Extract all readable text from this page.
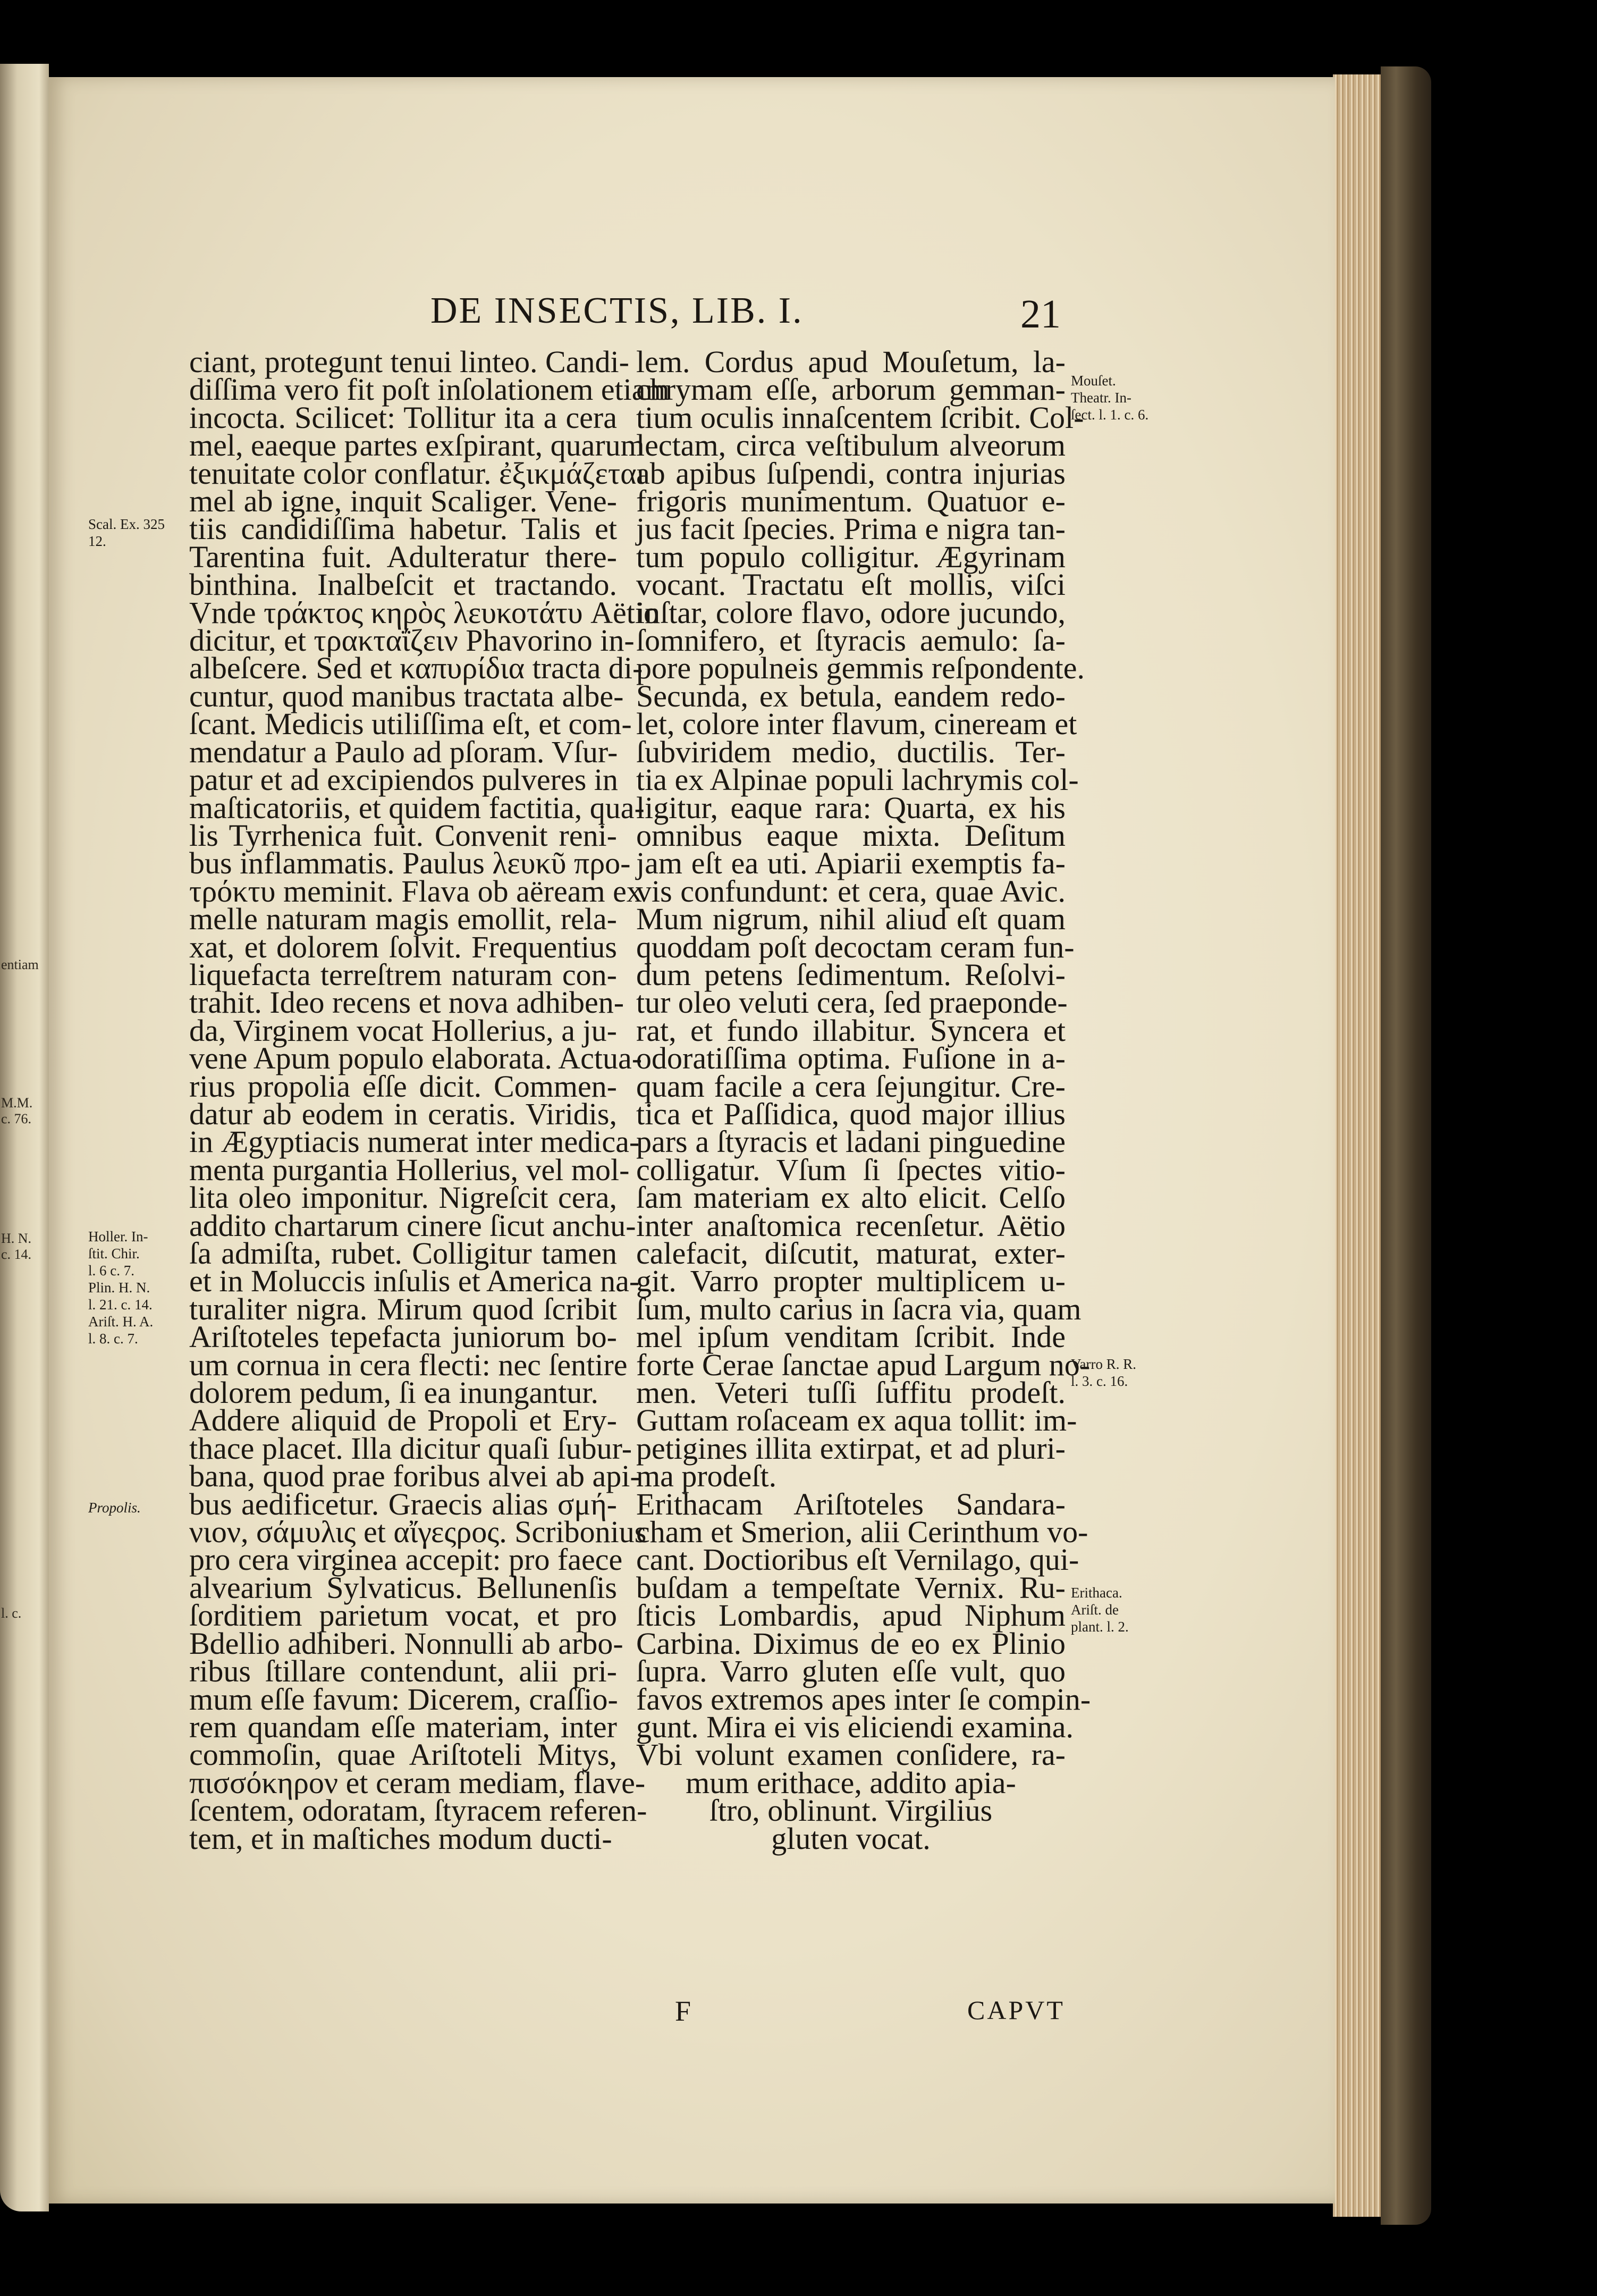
entiam
M.M.
c. 76.
H. N.
c. 14.
l. c.
DE INSECTIS, LIB. I.	21

ciant, protegunt tenui linteo. Candi-

diſſima vero fit poſt inſolationem etiam

incocta. Scilicet: Tollitur ita a cera

mel, eaeque partes exſpirant, quarum

tenuitate color conflatur. ἐξικμάζεται

mel ab igne, inquit Scaliger. Vene-

tiis candidiſſima habetur. Talis et

Tarentina fuit. Adulteratur there-

binthina. Inalbeſcit et tractando.

Vnde τράκτος κηρὸς λευκοτάτυ Aëtio

dicitur, et τρακταΐζειν Phavorino in-

albeſcere. Sed et καπυρίδια tracta di-

cuntur, quod manibus tractata albe-

ſcant. Medicis utiliſſima eſt, et com-

mendatur a Paulo ad pſoram. Vſur-

patur et ad excipiendos pulveres in

maſticatoriis, et quidem factitia, qua-

lis Tyrrhenica fuit. Convenit reni-

bus inflammatis. Paulus λευκῦ προ-

τρόκτυ meminit. Flava ob aëream ex

melle naturam magis emollit, rela-

xat, et dolorem ſolvit. Frequentius

liquefacta terreſtrem naturam con-

trahit. Ideo recens et nova adhiben-

da, Virginem vocat Hollerius, a ju-

vene Apum populo elaborata. Actua-

rius propolia eſſe dicit. Commen-

datur ab eodem in ceratis. Viridis,

in Ægyptiacis numerat inter medica-

menta purgantia Hollerius, vel mol-

lita oleo imponitur. Nigreſcit cera,

addito chartarum cinere ſicut anchu-

ſa admiſta, rubet. Colligitur tamen

et in Moluccis inſulis et America na-

turaliter nigra. Mirum quod ſcribit

Ariſtoteles tepefacta juniorum bo-

um cornua in cera flecti: nec ſentire

dolorem pedum, ſi ea inungantur.

Addere aliquid de Propoli et Ery-

thace placet. Illa dicitur quaſi ſubur-

bana, quod prae foribus alvei ab api-

bus aedificetur. Graecis alias σμή-

νιον, σάμυλις et αἴγεςρος. Scribonius

pro cera virginea accepit: pro faece

alvearium Sylvaticus. Bellunenſis

ſorditiem parietum vocat, et pro

Bdellio adhiberi. Nonnulli ab arbo-

ribus ſtillare contendunt, alii pri-

mum eſſe favum: Dicerem, craſſio-

rem quandam eſſe materiam, inter

commoſin, quae Ariſtoteli Mitys,

πισσόκηρον et ceram mediam, flave-

ſcentem, odoratam, ſtyracem referen-

tem, et in maſtiches modum ducti-

lem. Cordus apud Mouſetum, la-

chrymam eſſe, arborum gemman-

tium oculis innaſcentem ſcribit. Col-

lectam, circa veſtibulum alveorum

ab apibus ſuſpendi, contra injurias

frigoris munimentum. Quatuor e-

jus facit ſpecies. Prima e nigra tan-

tum populo colligitur. Ægyrinam

vocant. Tractatu eſt mollis, viſci

inſtar, colore flavo, odore jucundo,

ſomnifero, et ſtyracis aemulo: ſa-

pore populneis gemmis reſpondente.

Secunda, ex betula, eandem redo-

let, colore inter flavum, cineream et

ſubviridem medio, ductilis. Ter-

tia ex Alpinae populi lachrymis col-

ligitur, eaque rara: Quarta, ex his

omnibus eaque mixta. Deſitum

jam eſt ea uti. Apiarii exemptis fa-

vis confundunt: et cera, quae Avic.

Mum nigrum, nihil aliud eſt quam

quoddam poſt decoctam ceram fun-

dum petens ſedimentum. Reſolvi-

tur oleo veluti cera, ſed praeponde-

rat, et fundo illabitur. Syncera et

odoratiſſima optima. Fuſione in a-

quam facile a cera ſejungitur. Cre-

tica et Paſſidica, quod major illius

pars a ſtyracis et ladani pinguedine

colligatur. Vſum ſi ſpectes vitio-

ſam materiam ex alto elicit. Celſo

inter anaſtomica recenſetur. Aëtio

calefacit, diſcutit, maturat, exter-

git. Varro propter multiplicem u-

ſum, multo carius in ſacra via, quam

mel ipſum venditam ſcribit. Inde

forte Cerae ſanctae apud Largum no-

men. Veteri tuſſi ſuffitu prodeſt.

Guttam roſaceam ex aqua tollit: im-

petigines illita extirpat, et ad pluri-

ma prodeſt.

Erithacam Ariſtoteles Sandara-

cham et Smerion, alii Cerinthum vo-

cant. Doctioribus eſt Vernilago, qui-

buſdam a tempeſtate Vernix. Ru-

ſticis Lombardis, apud Niphum

Carbina. Diximus de eo ex Plinio

ſupra. Varro gluten eſſe vult, quo

favos extremos apes inter ſe compin-

gunt. Mira ei vis eliciendi examina.

Vbi volunt examen conſidere, ra-

mum erithace, addito apia-

ſtro, oblinunt. Virgilius

gluten vocat.

Scal. Ex. 325

12.

Holler. In-

ſtit. Chir.

l. 6 c. 7.

Plin. H. N.

l. 21. c. 14.

Ariſt. H. A.

l. 8. c. 7.

Propolis.

Mouſet.

Theatr. In-

ſect. l. 1. c. 6.

Varro R. R.

l. 3. c. 16.

Erithaca.

Ariſt. de

plant. l. 2.

F	CAPVT
